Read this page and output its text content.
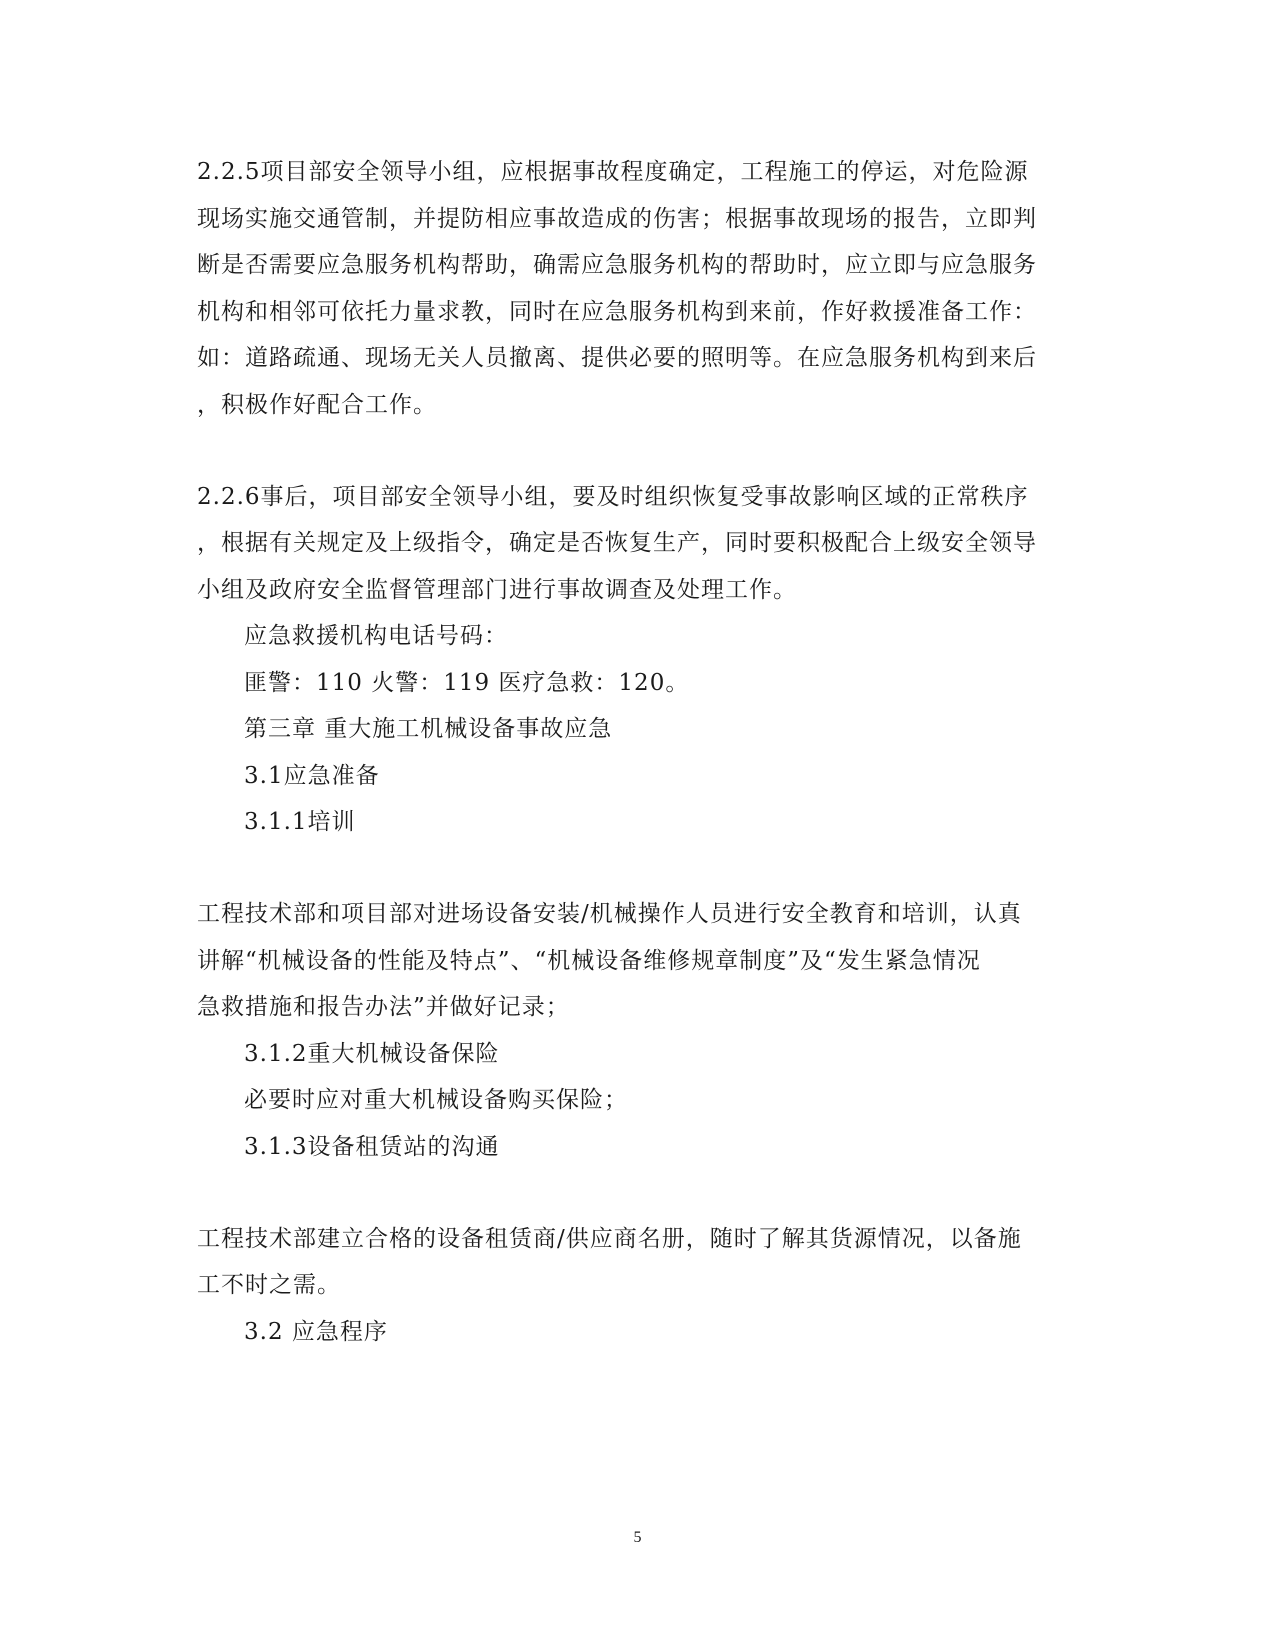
2.2.5项目部安全领导小组，应根据事故程度确定，工程施工的停运，对危险源
现场实施交通管制，并提防相应事故造成的伤害；根据事故现场的报告，立即判
断是否需要应急服务机构帮助，确需应急服务机构的帮助时，应立即与应急服务
机构和相邻可依托力量求教，同时在应急服务机构到来前，作好救援准备工作：
如：道路疏通、现场无关人员撤离、提供必要的照明等。在应急服务机构到来后
，积极作好配合工作。
2.2.6事后，项目部安全领导小组，要及时组织恢复受事故影响区域的正常秩序
，根据有关规定及上级指令，确定是否恢复生产，同时要积极配合上级安全领导
小组及政府安全监督管理部门进行事故调查及处理工作。
应急救援机构电话号码：
匪警：110 火警：119 医疗急救：120。
第三章 重大施工机械设备事故应急
3.1应急准备
3.1.1培训
工程技术部和项目部对进场设备安装/机械操作人员进行安全教育和培训，认真
讲解“机械设备的性能及特点”、“机械设备维修规章制度”及“发生紧急情况
急救措施和报告办法”并做好记录；
3.1.2重大机械设备保险
必要时应对重大机械设备购买保险；
3.1.3设备租赁站的沟通
工程技术部建立合格的设备租赁商/供应商名册，随时了解其货源情况，以备施
工不时之需。
3.2 应急程序
5
